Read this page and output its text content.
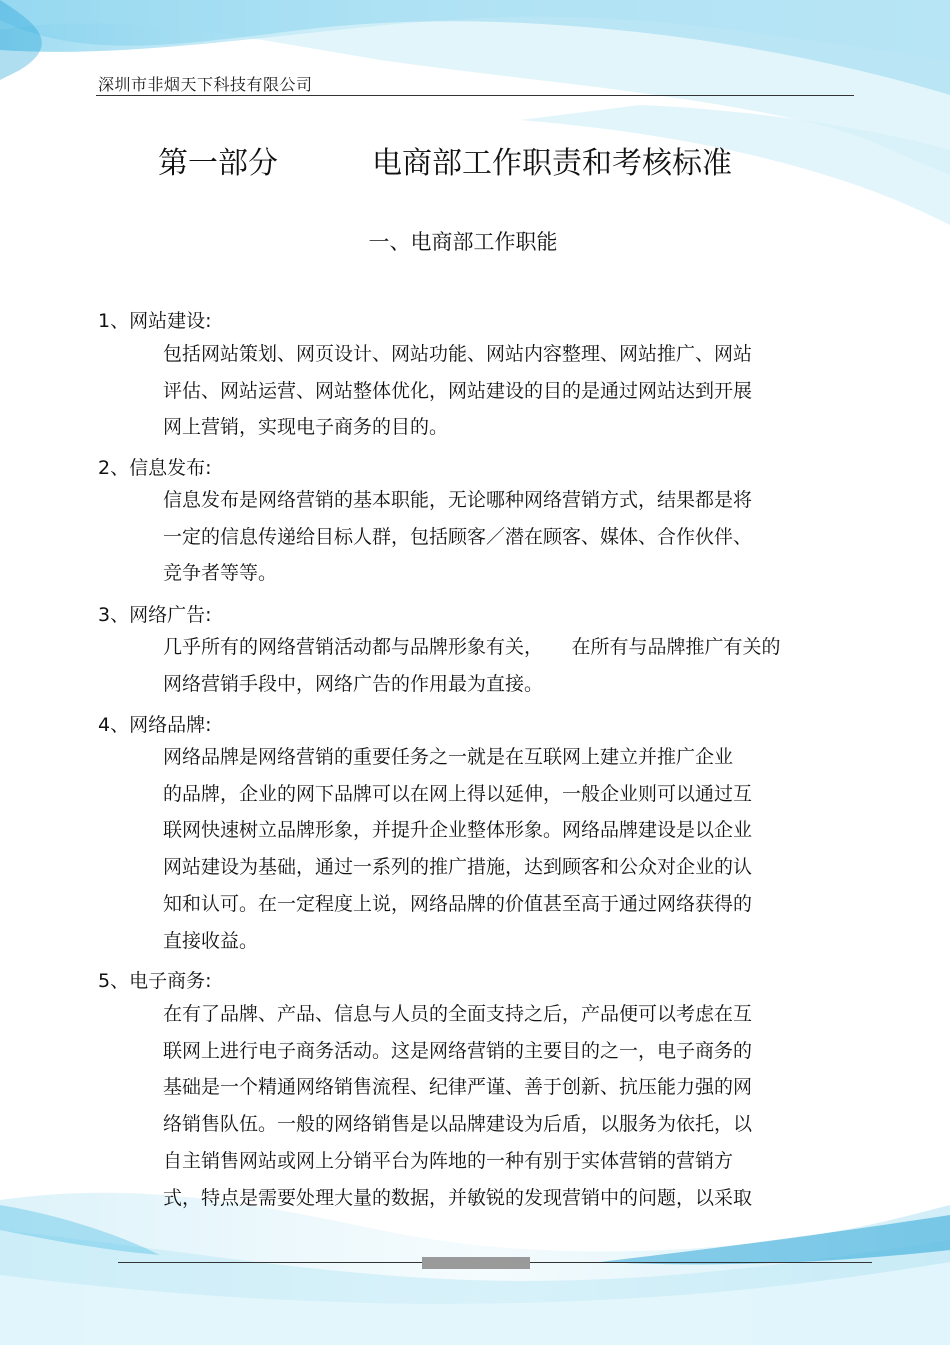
深圳市非烟天下科技有限公司
第一部分	电商部工作职责和考核标准
一、电商部工作职能
1、网站建设:
包括网站策划、网页设计、网站功能、网站内容整理、网站推广、网站
评估、网站运营、网站整体优化，网站建设的目的是通过网站达到开展
网上营销，实现电子商务的目的。
2、信息发布:
信息发布是网络营销的基本职能，无论哪种网络营销方式，结果都是将
一定的信息传递给目标人群，包括顾客／潜在顾客、媒体、合作伙伴、
竞争者等等。
3、网络广告:
几乎所有的网络营销活动都与品牌形象有关，　　在所有与品牌推广有关的
网络营销手段中，网络广告的作用最为直接。
4、网络品牌:
网络品牌是网络营销的重要任务之一就是在互联网上建立并推广企业
的品牌，企业的网下品牌可以在网上得以延伸，一般企业则可以通过互
联网快速树立品牌形象，并提升企业整体形象。网络品牌建设是以企业
网站建设为基础，通过一系列的推广措施，达到顾客和公众对企业的认
知和认可。在一定程度上说，网络品牌的价值甚至高于通过网络获得的
直接收益。
5、电子商务:
在有了品牌、产品、信息与人员的全面支持之后，产品便可以考虑在互
联网上进行电子商务活动。这是网络营销的主要目的之一，电子商务的
基础是一个精通网络销售流程、纪律严谨、善于创新、抗压能力强的网
络销售队伍。一般的网络销售是以品牌建设为后盾，以服务为依托，以
自主销售网站或网上分销平台为阵地的一种有别于实体营销的营销方
式，特点是需要处理大量的数据，并敏锐的发现营销中的问题，以采取
